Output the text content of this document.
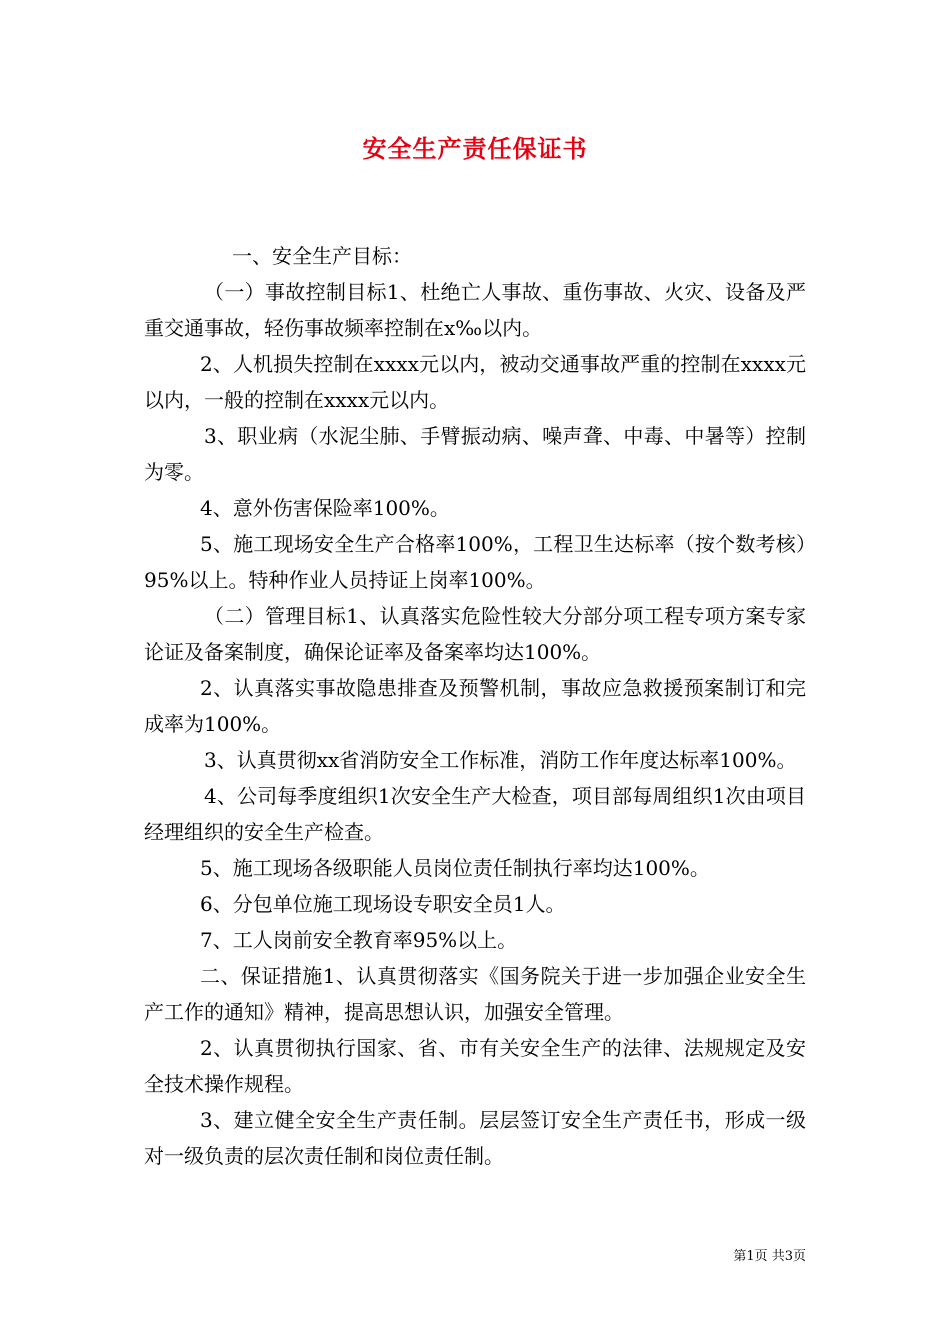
安全生产责任保证书

一、安全生产目标：

（一）事故控制目标1、杜绝亡人事故、重伤事故、火灾、设备及严重交通事故，轻伤事故频率控制在x‰以内。

2、人机损失控制在xxxx元以内，被动交通事故严重的控制在xxxx元以内，一般的控制在xxxx元以内。

3、职业病（水泥尘肺、手臂振动病、噪声聋、中毒、中暑等）控制为零。

4、意外伤害保险率100%。

5、施工现场安全生产合格率100%，工程卫生达标率（按个数考核）95%以上。特种作业人员持证上岗率100%。

（二）管理目标1、认真落实危险性较大分部分项工程专项方案专家论证及备案制度，确保论证率及备案率均达100%。

2、认真落实事故隐患排查及预警机制，事故应急救援预案制订和完成率为100%。

3、认真贯彻xx省消防安全工作标准，消防工作年度达标率100%。

4、公司每季度组织1次安全生产大检查，项目部每周组织1次由项目经理组织的安全生产检查。

5、施工现场各级职能人员岗位责任制执行率均达100%。

6、分包单位施工现场设专职安全员1人。

7、工人岗前安全教育率95%以上。

二、保证措施1、认真贯彻落实《国务院关于进一步加强企业安全生产工作的通知》精神，提高思想认识，加强安全管理。

2、认真贯彻执行国家、省、市有关安全生产的法律、法规规定及安全技术操作规程。

3、建立健全安全生产责任制。层层签订安全生产责任书，形成一级对一级负责的层次责任制和岗位责任制。

第1页 共3页
